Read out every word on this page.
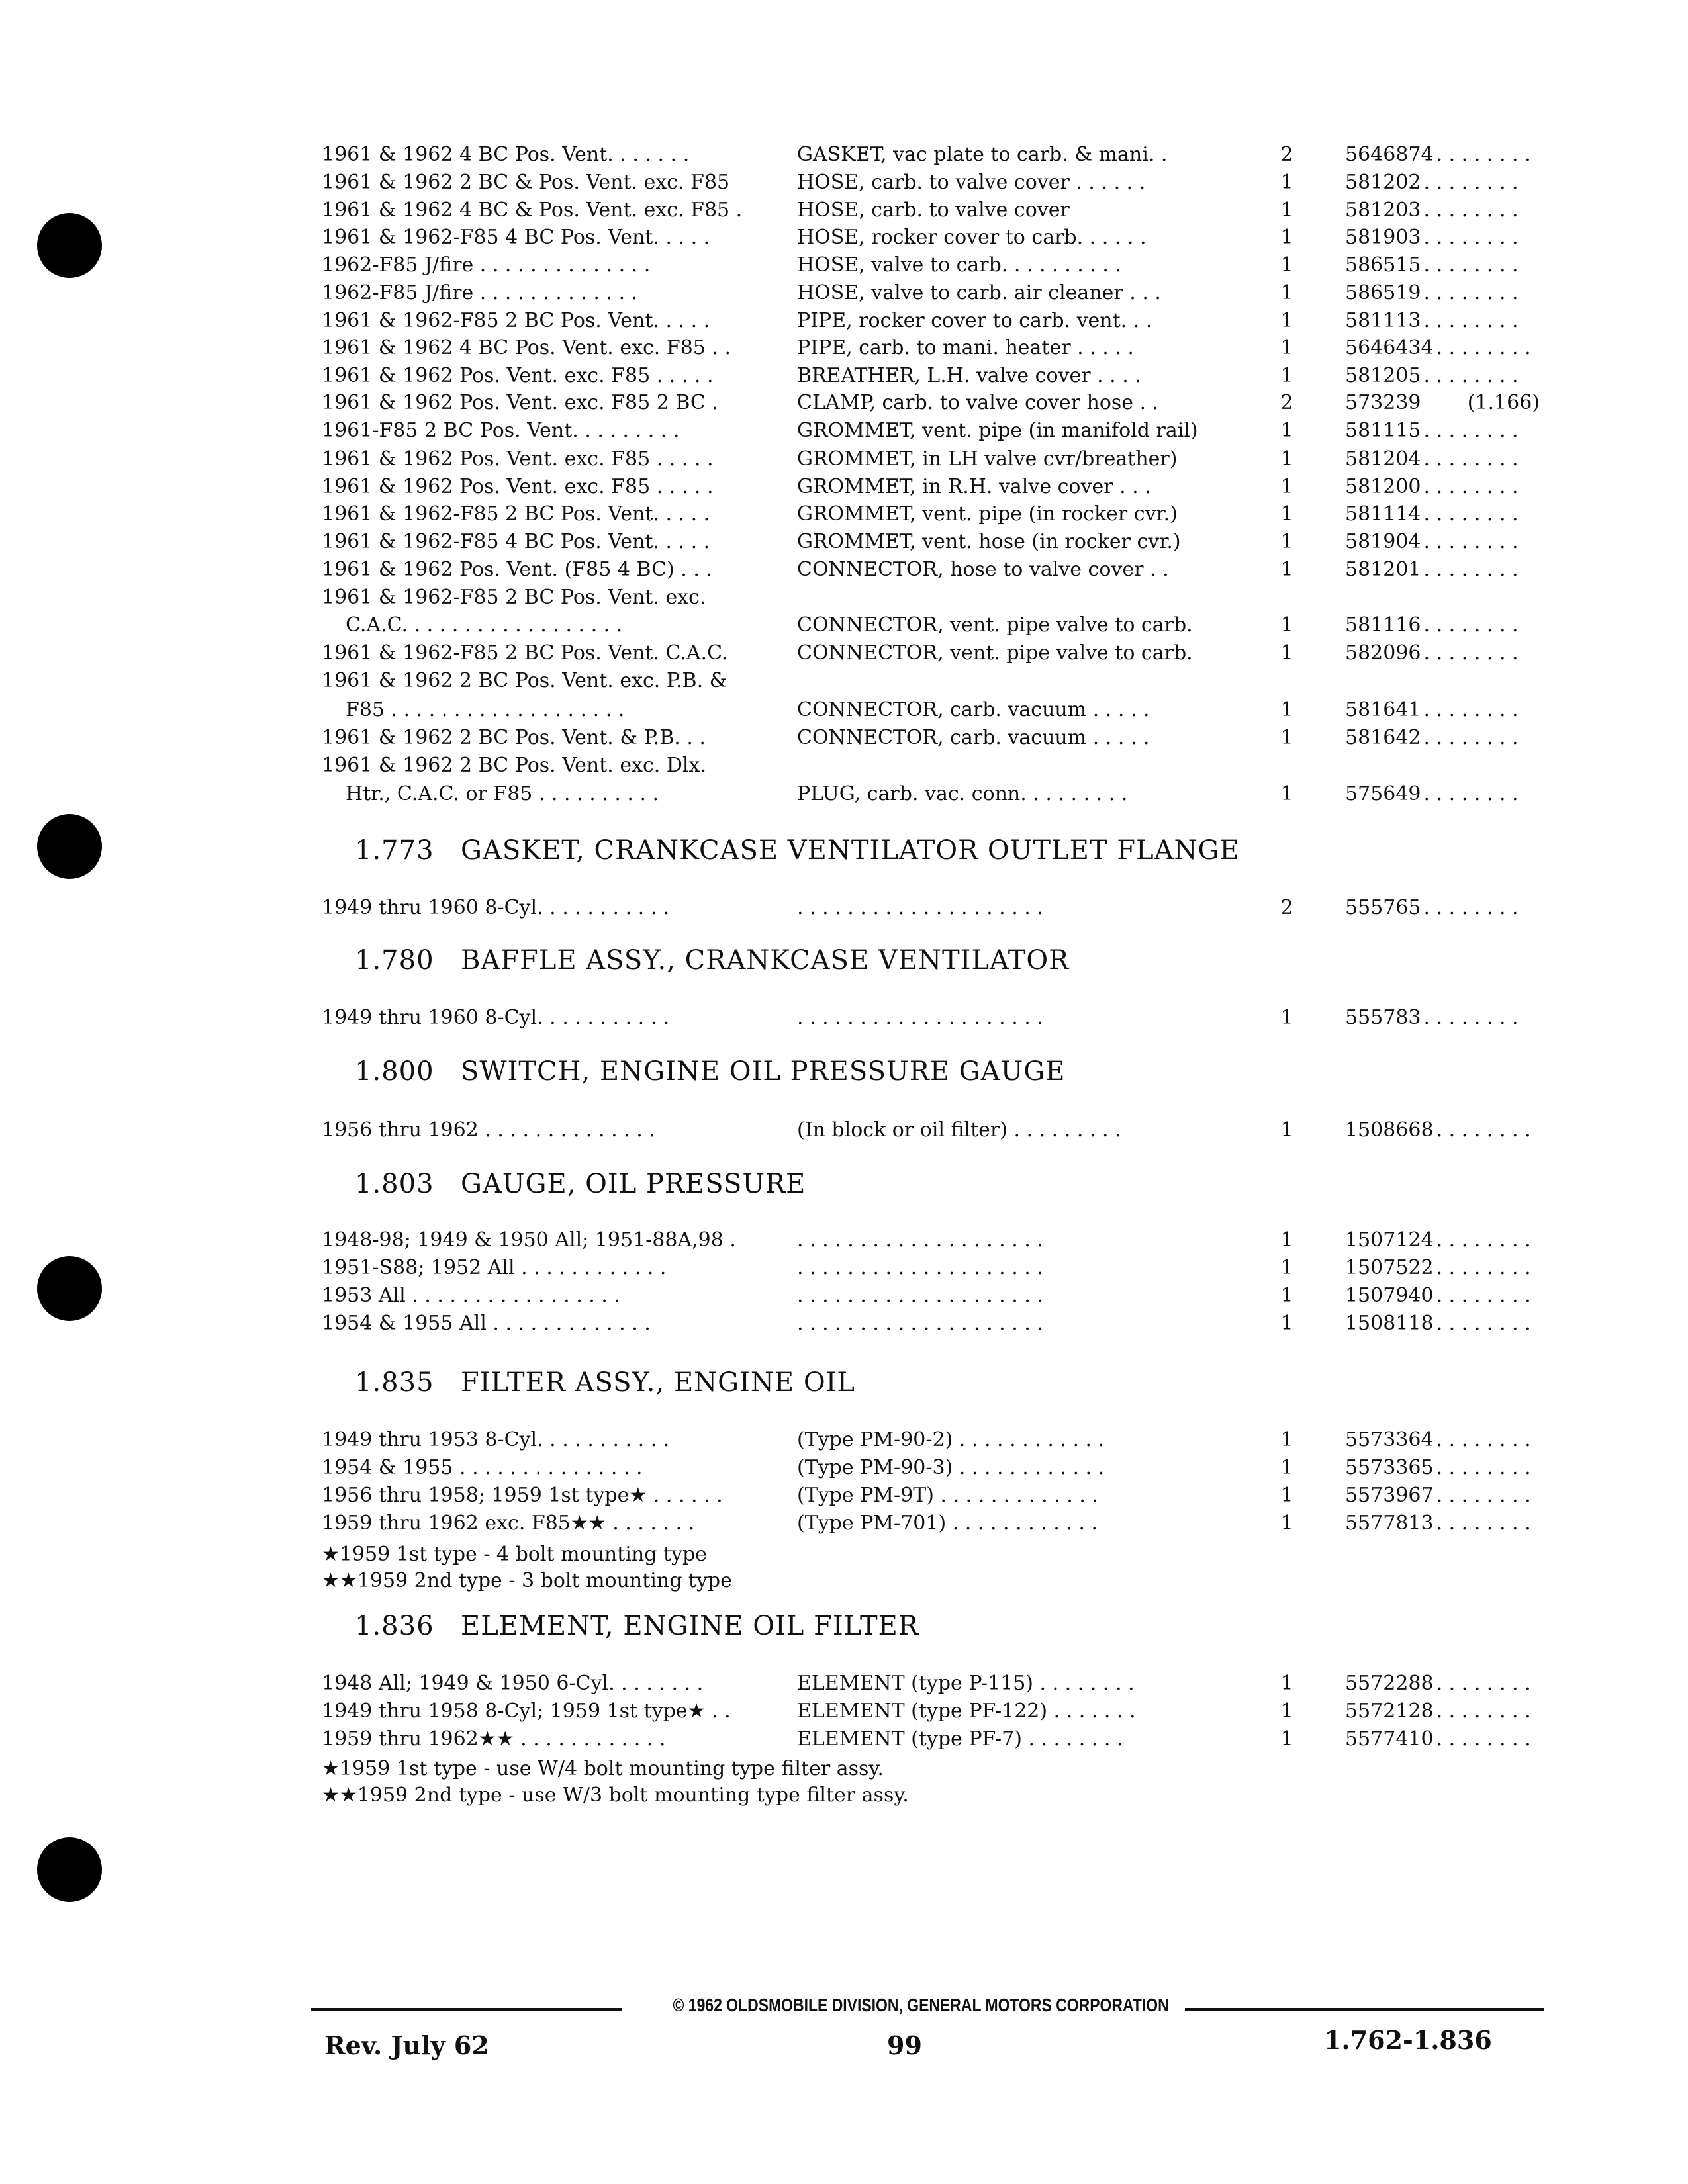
1961 & 1962 4 BC Pos. Vent. . . . . . .	GASKET, vac plate to carb. & mani. .	2	5646874 . . . . . . . .
1961 & 1962 2 BC & Pos. Vent. exc. F85	HOSE, carb. to valve cover . . . . . .	1	581202 . . . . . . . .
1961 & 1962 4 BC & Pos. Vent. exc. F85 .	HOSE, carb. to valve cover	1	581203 . . . . . . . .
1961 & 1962-F85 4 BC Pos. Vent. . . . .	HOSE, rocker cover to carb. . . . . .	1	581903 . . . . . . . .
1962-F85 J/fire . . . . . . . . . . . . . .	HOSE, valve to carb. . . . . . . . . .	1	586515 . . . . . . . .
1962-F85 J/fire . . . . . . . . . . . . .	HOSE, valve to carb. air cleaner . . .	1	586519 . . . . . . . .
1961 & 1962-F85 2 BC Pos. Vent. . . . .	PIPE, rocker cover to carb. vent. . .	1	581113 . . . . . . . .
1961 & 1962 4 BC Pos. Vent. exc. F85 . .	PIPE, carb. to mani. heater . . . . .	1	5646434 . . . . . . . .
1961 & 1962 Pos. Vent. exc. F85 . . . . .	BREATHER, L.H. valve cover . . . .	1	581205 . . . . . . . .
1961 & 1962 Pos. Vent. exc. F85 2 BC .	CLAMP, carb. to valve cover hose . .	2	573239 (1.166)
1961-F85 2 BC Pos. Vent. . . . . . . . .	GROMMET, vent. pipe (in manifold rail)	1	581115 . . . . . . . .
1961 & 1962 Pos. Vent. exc. F85 . . . . .	GROMMET, in LH valve cvr/breather)	1	581204 . . . . . . . .
1961 & 1962 Pos. Vent. exc. F85 . . . . .	GROMMET, in R.H. valve cover . . .	1	581200 . . . . . . . .
1961 & 1962-F85 2 BC Pos. Vent. . . . .	GROMMET, vent. pipe (in rocker cvr.)	1	581114 . . . . . . . .
1961 & 1962-F85 4 BC Pos. Vent. . . . .	GROMMET, vent. hose (in rocker cvr.)	1	581904 . . . . . . . .
1961 & 1962 Pos. Vent. (F85 4 BC) . . .	CONNECTOR, hose to valve cover . .	1	581201 . . . . . . . .
1961 & 1962-F85 2 BC Pos. Vent. exc.
C.A.C. . . . . . . . . . . . . . . . . .	CONNECTOR, vent. pipe valve to carb.	1	581116 . . . . . . . .
1961 & 1962-F85 2 BC Pos. Vent. C.A.C.	CONNECTOR, vent. pipe valve to carb.	1	582096 . . . . . . . .
1961 & 1962 2 BC Pos. Vent. exc. P.B. &
F85 . . . . . . . . . . . . . . . . . . .	CONNECTOR, carb. vacuum . . . . .	1	581641 . . . . . . . .
1961 & 1962 2 BC Pos. Vent. & P.B. . .	CONNECTOR, carb. vacuum . . . . .	1	581642 . . . . . . . .
1961 & 1962 2 BC Pos. Vent. exc. Dlx.
Htr., C.A.C. or F85 . . . . . . . . . .	PLUG, carb. vac. conn. . . . . . . . .	1	575649 . . . . . . . .
1.773 GASKET, CRANKCASE VENTILATOR OUTLET FLANGE
1949 thru 1960 8-Cyl. . . . . . . . . . .	. . . . . . . . . . . . . . . . . . . .	2	555765 . . . . . . . .
1.780 BAFFLE ASSY., CRANKCASE VENTILATOR
1949 thru 1960 8-Cyl. . . . . . . . . . .	. . . . . . . . . . . . . . . . . . . .	1	555783 . . . . . . . .
1.800 SWITCH, ENGINE OIL PRESSURE GAUGE
1956 thru 1962 . . . . . . . . . . . . . .	(In block or oil filter) . . . . . . . . .	1	1508668 . . . . . . . .
1.803 GAUGE, OIL PRESSURE
1948-98; 1949 & 1950 All; 1951-88A,98 .	. . . . . . . . . . . . . . . . . . . .	1	1507124 . . . . . . . .
1951-S88; 1952 All . . . . . . . . . . . .	. . . . . . . . . . . . . . . . . . . .	1	1507522 . . . . . . . .
1953 All . . . . . . . . . . . . . . . . .	. . . . . . . . . . . . . . . . . . . .	1	1507940 . . . . . . . .
1954 & 1955 All . . . . . . . . . . . . .	. . . . . . . . . . . . . . . . . . . .	1	1508118 . . . . . . . .
1.835 FILTER ASSY., ENGINE OIL
1949 thru 1953 8-Cyl. . . . . . . . . . .	(Type PM-90-2) . . . . . . . . . . . .	1	5573364 . . . . . . . .
1954 & 1955 . . . . . . . . . . . . . . .	(Type PM-90-3) . . . . . . . . . . . .	1	5573365 . . . . . . . .
1956 thru 1958; 1959 1st type★ . . . . . .	(Type PM-9T) . . . . . . . . . . . . .	1	5573967 . . . . . . . .
1959 thru 1962 exc. F85★★ . . . . . . .	(Type PM-701) . . . . . . . . . . . .	1	5577813 . . . . . . . .
★1959 1st type - 4 bolt mounting type
★★1959 2nd type - 3 bolt mounting type
1.836 ELEMENT, ENGINE OIL FILTER
1948 All; 1949 & 1950 6-Cyl. . . . . . . .	ELEMENT (type P-115) . . . . . . . .	1	5572288 . . . . . . . .
1949 thru 1958 8-Cyl; 1959 1st type★ . .	ELEMENT (type PF-122) . . . . . . .	1	5572128 . . . . . . . .
1959 thru 1962★★ . . . . . . . . . . . .	ELEMENT (type PF-7) . . . . . . . .	1	5577410 . . . . . . . .
★1959 1st type - use W/4 bolt mounting type filter assy.
★★1959 2nd type - use W/3 bolt mounting type filter assy.
© 1962 OLDSMOBILE DIVISION, GENERAL MOTORS CORPORATION
Rev. July 62	99	1.762-1.836
